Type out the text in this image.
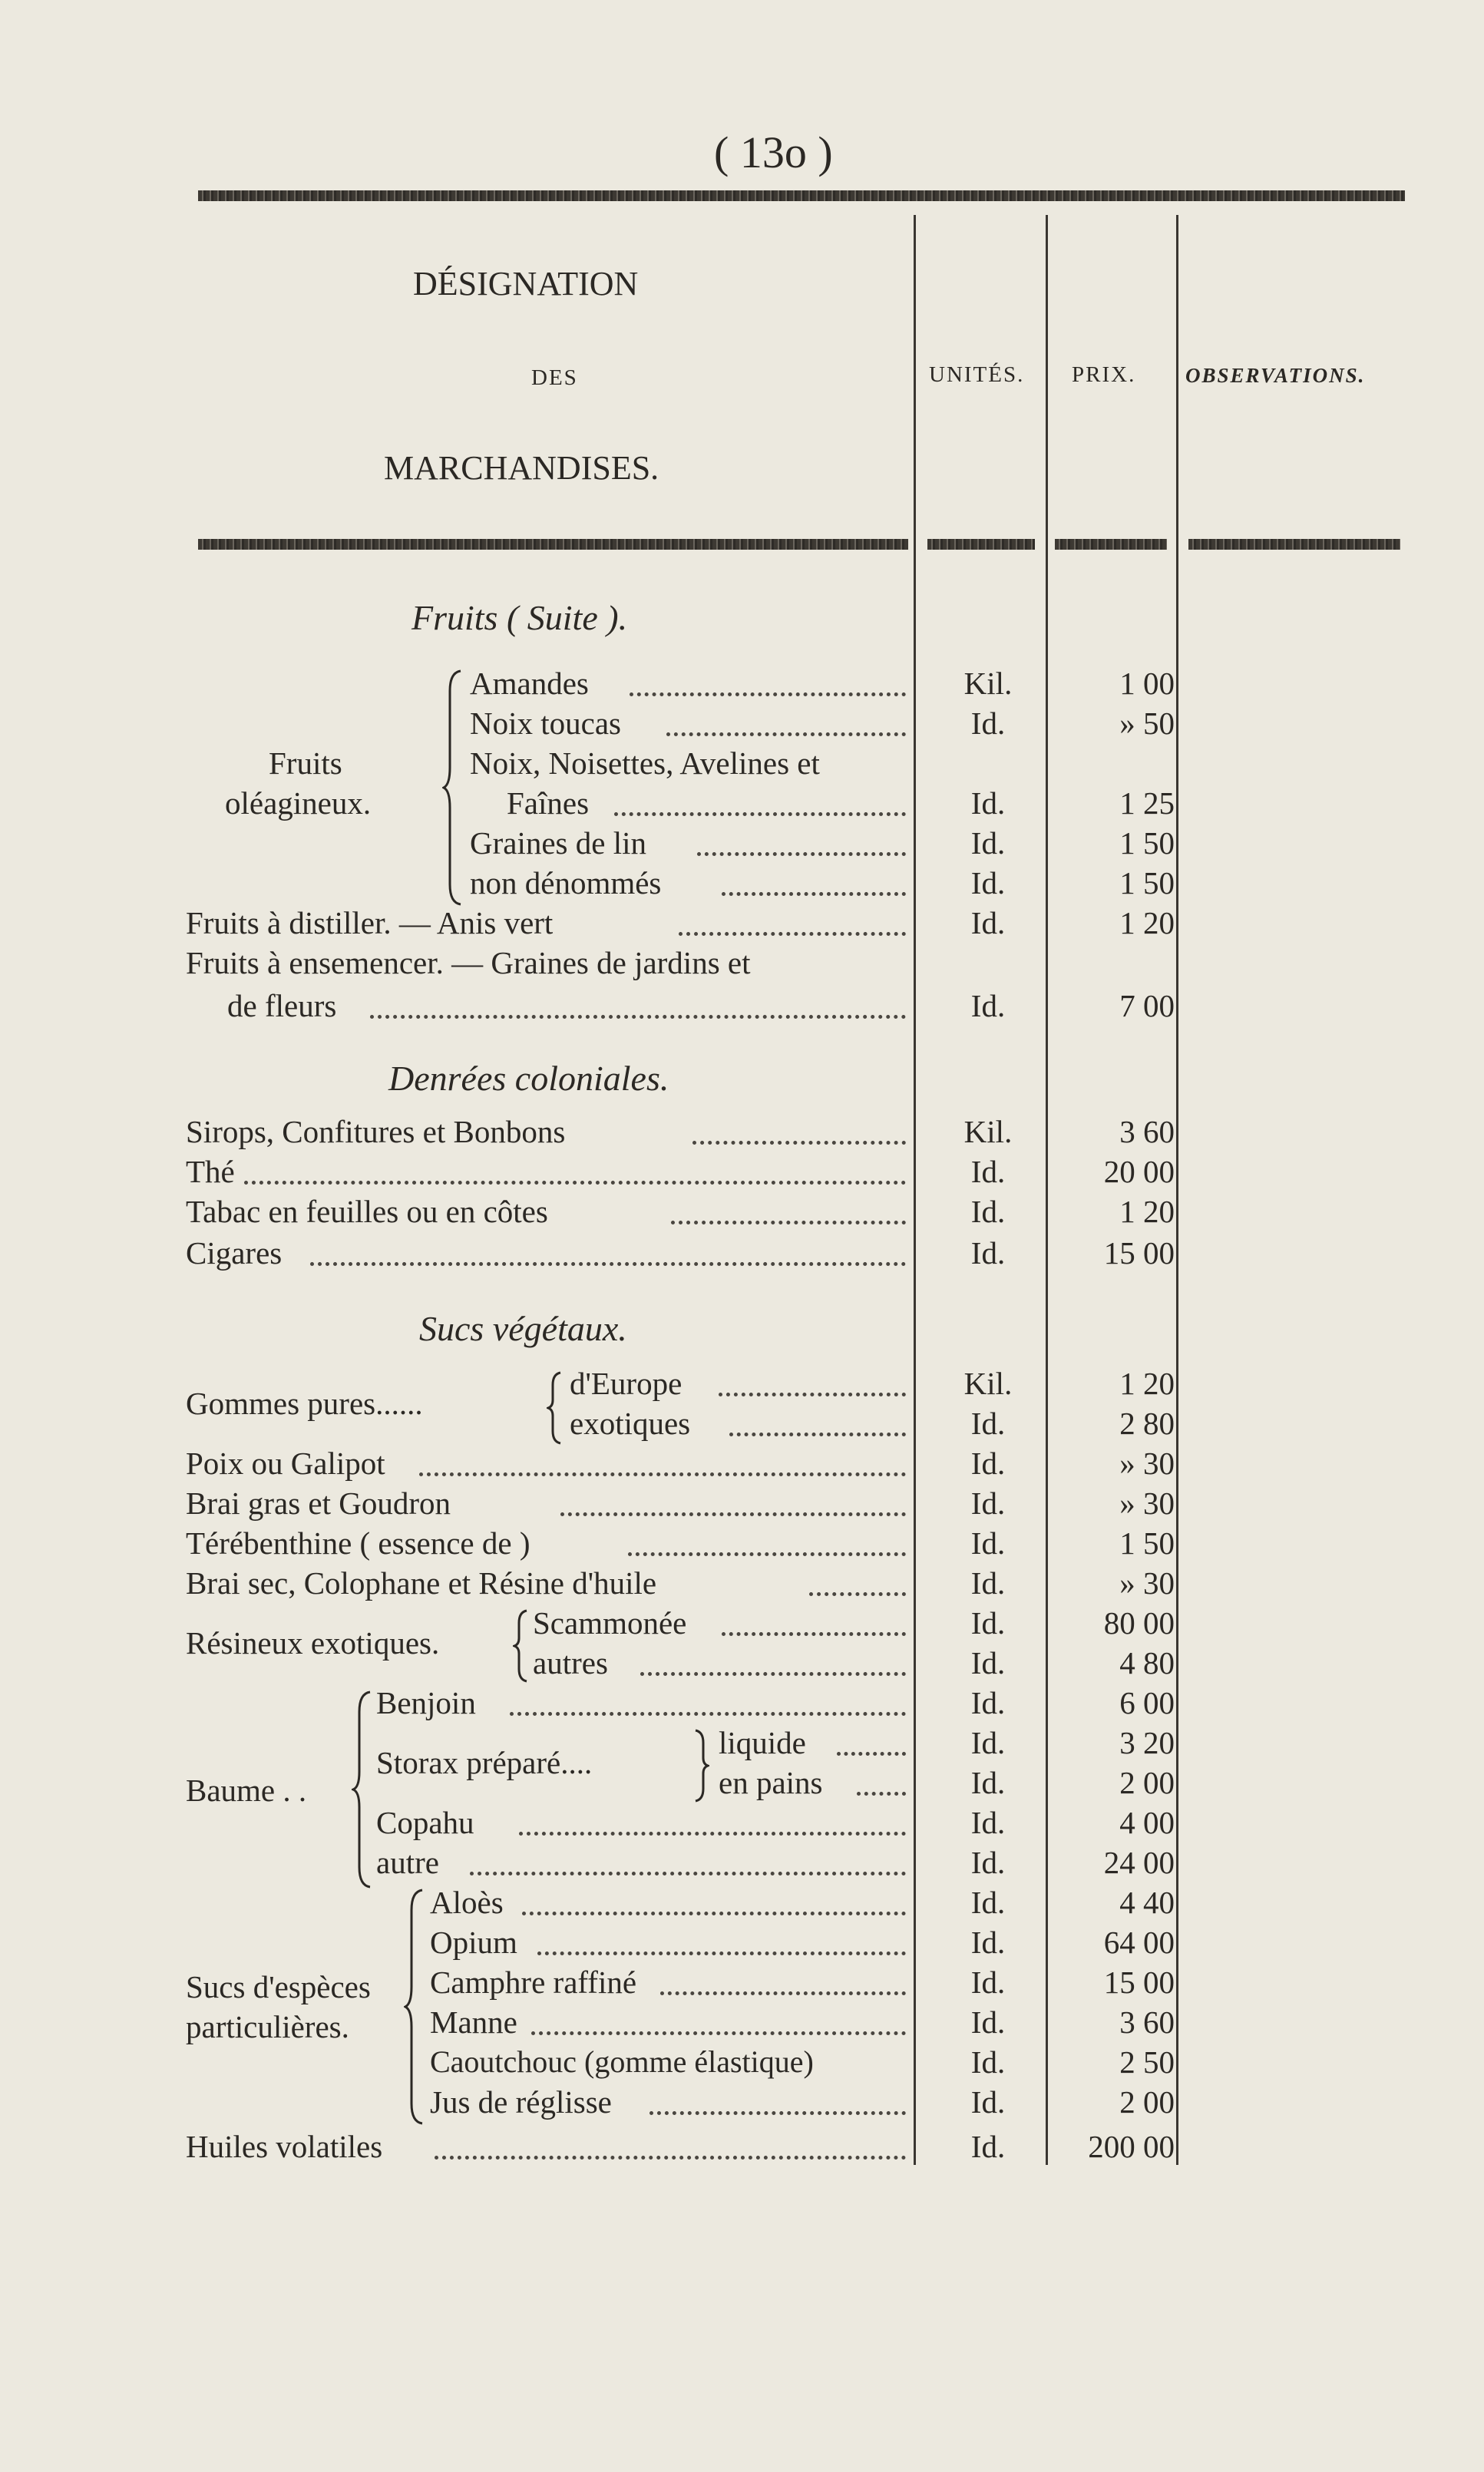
( 13o )
DÉSIGNATION
DES
MARCHANDISES.
UNITÉS. PRIX. OBSERVATIONS.
Fruits ( Suite ).
Fruits
oléagineux.
Amandes
Noix toucas
Noix, Noisettes, Avelines et
Faînes
Graines de lin
non dénommés
Fruits à distiller. — Anis vert
Fruits à ensemencer. — Graines de jardins et
de fleurs
Denrées coloniales.
Sirops, Confitures et Bonbons
Thé
Tabac en feuilles ou en côtes
Cigares
Sucs végétaux.
Gommes pures......
d'Europe
exotiques
Poix ou Galipot
Brai gras et Goudron
Térébenthine ( essence de )
Brai sec, Colophane et Résine d'huile
Résineux exotiques.
Scammonée
autres
Baume . .
Benjoin
Storax préparé....
liquide
en pains
Copahu
autre
Sucs d'espèces
particulières.
Aloès
Opium
Camphre raffiné
Manne
Caoutchouc (gomme élastique)
Jus de réglisse
Huiles volatiles
Kil.
Id.
Id.
Id.
Id.
Id.
Id.
Kil.
Id.
Id.
Id.
Kil.
Id.
Id.
Id.
Id.
Id.
Id.
Id.
Id.
Id.
Id.
Id.
Id.
Id.
Id.
Id.
Id.
Id.
Id.
Id.
1 00
» 50
1 25
1 50
1 50
1 20
7 00
3 60
20 00
1 20
15 00
1 20
2 80
» 30
» 30
1 50
» 30
80 00
4 80
6 00
3 20
2 00
4 00
24 00
4 40
64 00
15 00
3 60
2 50
2 00
200 00
